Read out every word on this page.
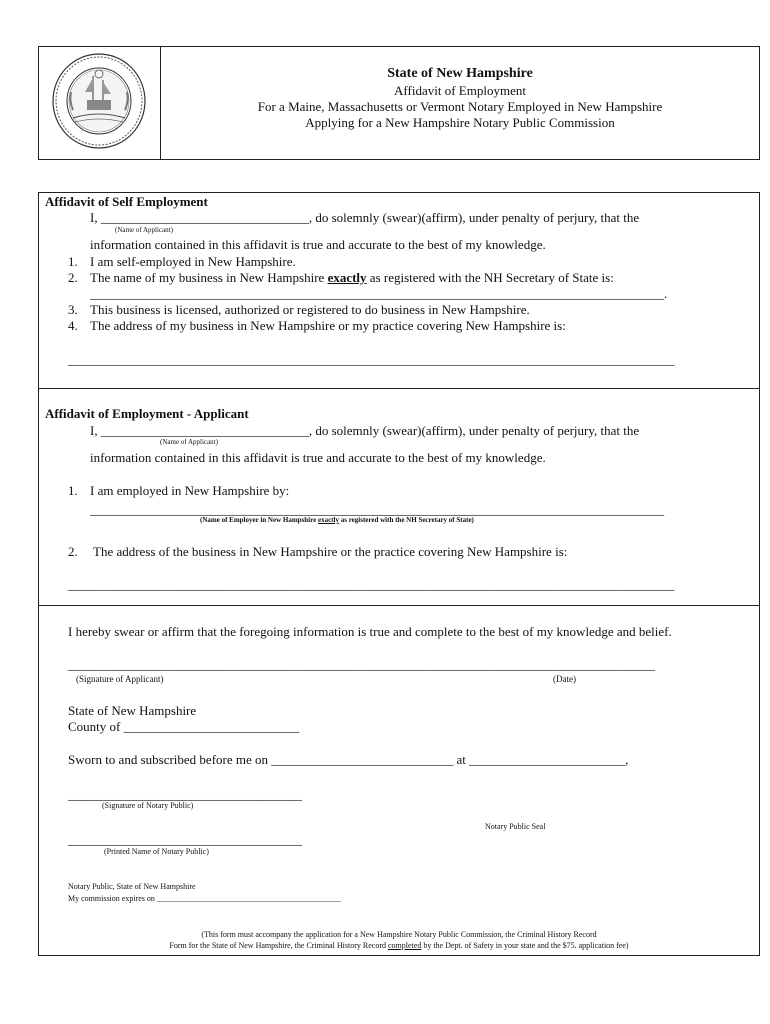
State of New Hampshire
Affidavit of Employment
For a Maine, Massachusetts or Vermont Notary Employed in New Hampshire
Applying for a New Hampshire Notary Public Commission
Affidavit of Self Employment
I, ________________________________, do solemnly (swear)(affirm), under penalty of perjury, that the
(Name of Applicant)
information contained in this affidavit is true and accurate to the best of my knowledge.
1. I am self-employed in New Hampshire.
2. The name of my business in New Hampshire exactly as registered with the NH Secretary of State is:
_________________________________________________________________________________________.
3. This business is licensed, authorized or registered to do business in New Hampshire.
4. The address of my business in New Hampshire or my practice covering New Hampshire is:
______________________________________________________________________________________________
Affidavit of Employment - Applicant
I, ________________________________, do solemnly (swear)(affirm), under penalty of perjury, that the
(Name of Applicant)
information contained in this affidavit is true and accurate to the best of my knowledge.
1. I am employed in New Hampshire by:
_________________________________________________________________________________________
(Name of Employer in New Hampshire exactly as registered with the NH Secretary of State)
2. The address of the business in New Hampshire or the practice covering New Hampshire is:
______________________________________________________________________________________________
I hereby swear or affirm that the foregoing information is true and complete to the best of my knowledge and belief.
___________________________________________________________________________________________
(Signature of Applicant)	(Date)
State of New Hampshire
County of ___________________________
Sworn to and subscribed before me on ____________________________ at ________________________,
____________________________________
(Signature of Notary Public)
Notary Public Seal
____________________________________
(Printed Name of Notary Public)
Notary Public, State of New Hampshire
My commission expires on ______________________________________________
(This form must accompany the application for a New Hampshire Notary Public Commission, the Criminal History Record
Form for the State of New Hampshire, the Criminal History Record completed by the Dept. of Safety in your state and the $75. application fee)
